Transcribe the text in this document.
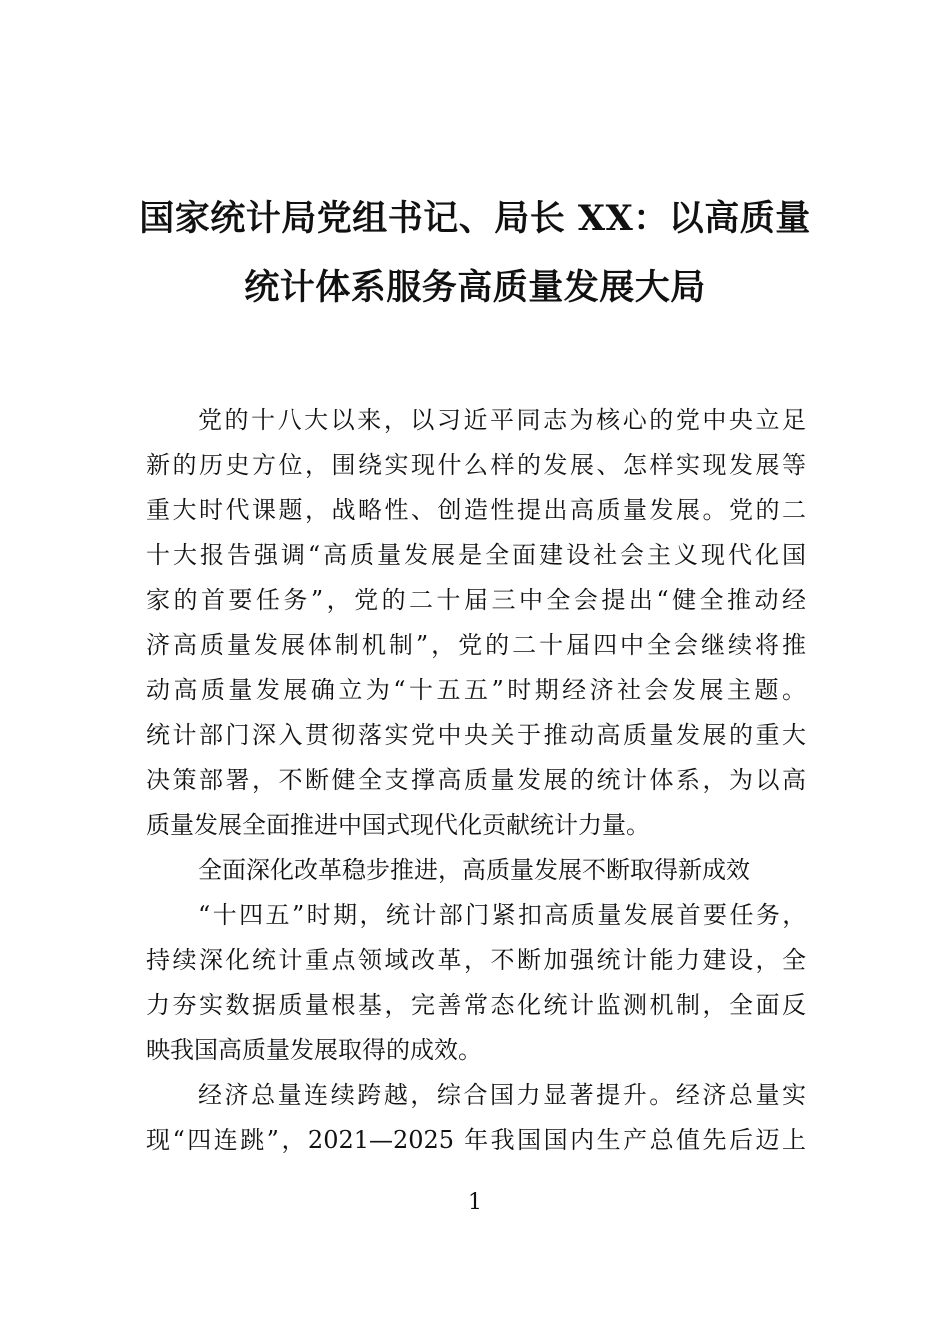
国家统计局党组书记、局长 XX：以高质量
统计体系服务高质量发展大局
党的十八大以来，以习近平同志为核心的党中央立足
新的历史方位，围绕实现什么样的发展、怎样实现发展等
重大时代课题，战略性、创造性提出高质量发展。党的二
十大报告强调“高质量发展是全面建设社会主义现代化国
家的首要任务”，党的二十届三中全会提出“健全推动经
济高质量发展体制机制”，党的二十届四中全会继续将推
动高质量发展确立为“十五五”时期经济社会发展主题。
统计部门深入贯彻落实党中央关于推动高质量发展的重大
决策部署，不断健全支撑高质量发展的统计体系，为以高
质量发展全面推进中国式现代化贡献统计力量。
全面深化改革稳步推进，高质量发展不断取得新成效
“十四五”时期，统计部门紧扣高质量发展首要任务，
持续深化统计重点领域改革，不断加强统计能力建设，全
力夯实数据质量根基，完善常态化统计监测机制，全面反
映我国高质量发展取得的成效。
经济总量连续跨越，综合国力显著提升。经济总量实
现“四连跳”，2021—2025 年我国国内生产总值先后迈上
1
